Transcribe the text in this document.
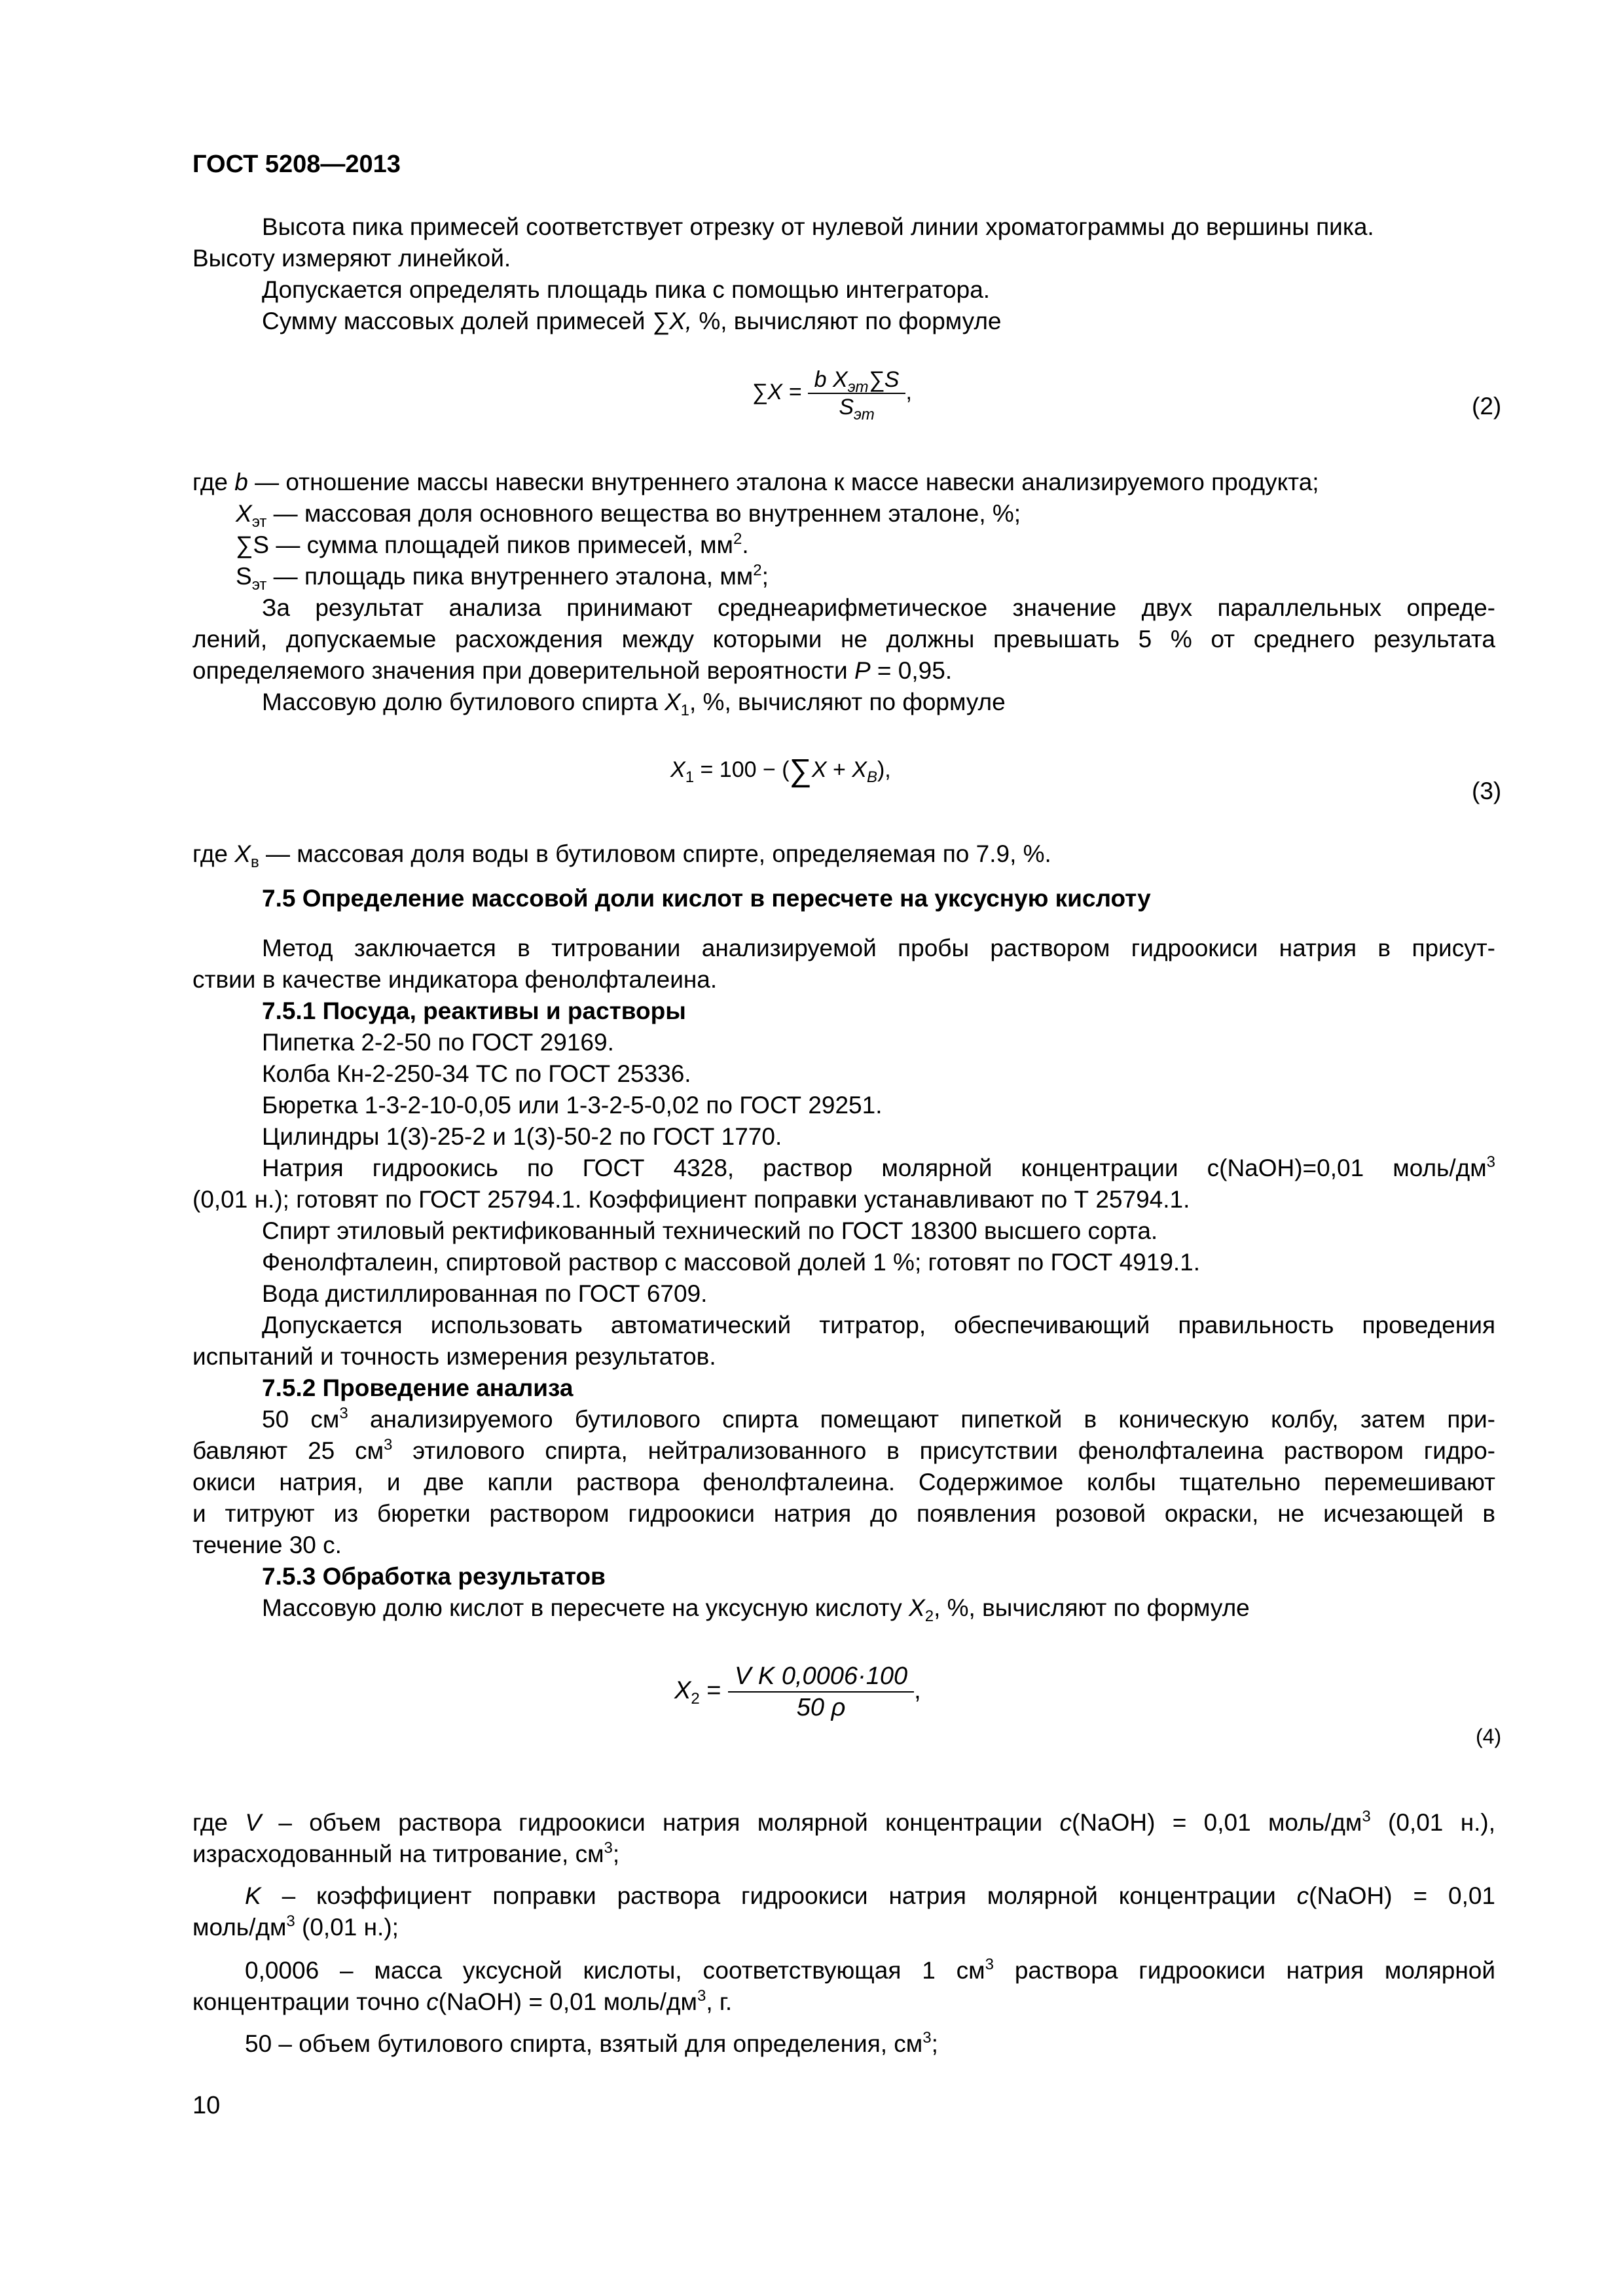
ГОСТ 5208—2013
Высота пика примесей соответствует отрезку от нулевой линии хроматограммы до вершины пика.
Высоту измеряют линейкой.
Допускается определять площадь пика с помощью интегратора.
Сумму массовых долей примесей ∑X, %, вычисляют по формуле
$\sum X = \frac{b X_{эт}\sum S}{S_{эт}}$ ,
(2)
где b — отношение массы навески внутреннего эталона к массе навески анализируемого продукта;
$X_{эт}$ — массовая доля основного вещества во внутреннем эталоне, %;
∑S — сумма площадей пиков примесей, $мм^2$.
$S_{эт}$ — площадь пика внутреннего эталона, $мм^2$;
За результат анализа принимают среднеарифметическое значение двух параллельных опреде-
лений, допускаемые расхождения между которыми не должны превышать 5 % от среднего результата
определяемого значения при доверительной вероятности P = 0,95.
Массовую долю бутилового спирта $X_1$, %, вычисляют по формуле
$X_1 = 100 - (\sum X + X_B)$,
(3)
где $X_в$ — массовая доля воды в бутиловом спирте, определяемая по 7.9, %.
7.5 Определение массовой доли кислот в пересчете на уксусную кислоту
Метод заключается в титровании анализируемой пробы раствором гидроокиси натрия в присут-
ствии в качестве индикатора фенолфталеина.
7.5.1 Посуда, реактивы и растворы
Пипетка 2-2-50 по ГОСТ 29169.
Колба Кн-2-250-34 ТС по ГОСТ 25336.
Бюретка 1-3-2-10-0,05 или 1-3-2-5-0,02 по ГОСТ 29251.
Цилиндры 1(3)-25-2 и 1(3)-50-2 по ГОСТ 1770.
Натрия гидроокись по ГОСТ 4328, раствор молярной концентрации с(NaOH)=0,01 моль/$дм^3$
(0,01 н.); готовят по ГОСТ 25794.1. Коэффициент поправки устанавливают по Т 25794.1.
Спирт этиловый ректификованный технический по ГОСТ 18300 высшего сорта.
Фенолфталеин, спиртовой раствор с массовой долей 1 %; готовят по ГОСТ 4919.1.
Вода дистиллированная по ГОСТ 6709.
Допускается использовать автоматический титратор, обеспечивающий правильность проведения
испытаний и точность измерения результатов.
7.5.2 Проведение анализа
50 $см^3$ анализируемого бутилового спирта помещают пипеткой в коническую колбу, затем при-
бавляют 25 $см^3$ этилового спирта, нейтрализованного в присутствии фенолфталеина раствором гидро-
окиси натрия, и две капли раствора фенолфталеина. Содержимое колбы тщательно перемешивают
и титруют из бюретки раствором гидроокиси натрия до появления розовой окраски, не исчезающей в
течение 30 с.
7.5.3 Обработка результатов
Массовую долю кислот в пересчете на уксусную кислоту $X_2$, %, вычисляют по формуле
$X_2 = \frac{\text{V K 0,0006·100}}{50 \rho}$ ,
(4)
где V – объем раствора гидроокиси натрия молярной концентрации c(NaOH) = 0,01 моль/$дм^3$ (0,01 н.),
израсходованный на титрование, $см^3$;
K – коэффициент поправки раствора гидроокиси натрия молярной концентрации c(NaOH) = 0,01
моль/$дм^3$ (0,01 н.);
0,0006 – масса уксусной кислоты, соответствующая 1 $см^3$ раствора гидроокиси натрия молярной
концентрации точно c(NaOH) = 0,01 моль/$дм^3$, г.
50 – объем бутилового спирта, взятый для определения, $см^3$;
10
